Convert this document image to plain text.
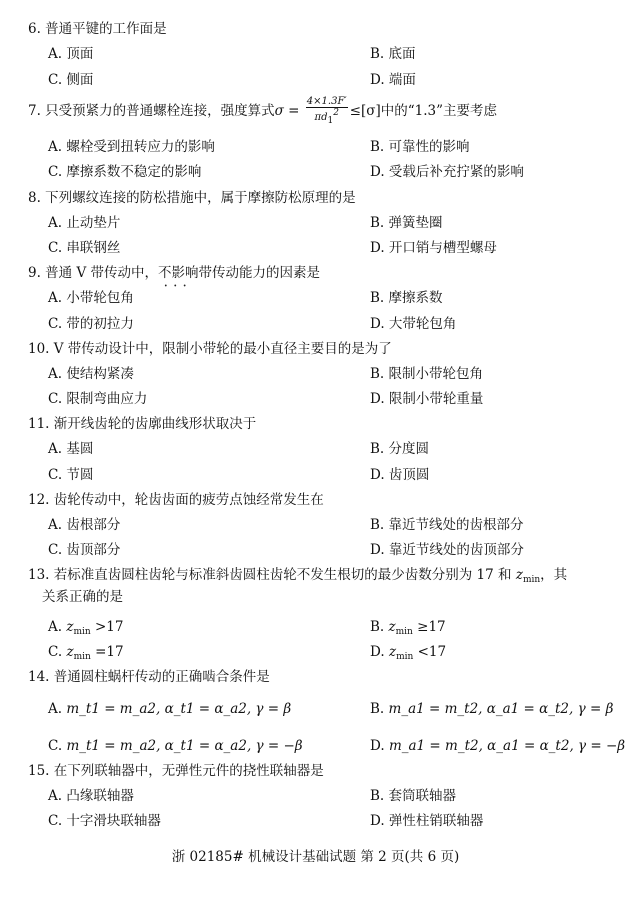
6. 普通平键的工作面是
A. 顶面	B. 底面
C. 侧面	D. 端面
7. 只受预紧力的普通螺栓连接，强度算式$\sigma = \frac{4\times 1.3F'}{\pi d12} \le[\sigma]$中的“1.3”主要考虑
A. 螺栓受到扭转应力的影响	B. 可靠性的影响
C. 摩擦系数不稳定的影响	D. 受载后补充拧紧的影响
8. 下列螺纹连接的防松措施中，属于摩擦防松原理的是
A. 止动垫片	B. 弹簧垫圈
C. 串联钢丝	D. 开口销与槽型螺母
9. 普通 V 带传动中，不影响 • • •带传动能力的因素是
A. 小带轮包角	B. 摩擦系数
C. 带的初拉力	D. 大带轮包角
10. V 带传动设计中，限制小带轮的最小直径主要目的是为了
A. 使结构紧凑	B. 限制小带轮包角
C. 限制弯曲应力	D. 限制小带轮重量
11. 渐开线齿轮的齿廓曲线形状取决于
A. 基圆	B. 分度圆
C. 节圆	D. 齿顶圆
12. 齿轮传动中，轮齿齿面的疲劳点蚀经常发生在
A. 齿根部分	B. 靠近节线处的齿根部分
C. 齿顶部分	D. 靠近节线处的齿顶部分
13. 若标准直齿圆柱齿轮与标准斜齿圆柱齿轮不发生根切的最少齿数分别为 17 和 $z_{min}$，其
关系正确的是
A. $z_{min} >17$	B. $z_{min} \ge 17$
C. $z_{min} =17$	D. $z_{min} <17$
14. 普通圆柱蜗杆传动的正确啮合条件是
A. m_t1 = m_a2, α_t1 = α_a2, γ = β	B. m_a1 = m_t2, α_a1 = α_t2, γ = β
C. m_t1 = m_a2, α_t1 = α_a2, γ = −β	D. m_a1 = m_t2, α_a1 = α_t2, γ = −β
15. 在下列联轴器中，无弹性元件的挠性联轴器是
A. 凸缘联轴器	B. 套筒联轴器
C. 十字滑块联轴器	D. 弹性柱销联轴器
浙 02185# 机械设计基础试题 第 2 页(共 6 页)
